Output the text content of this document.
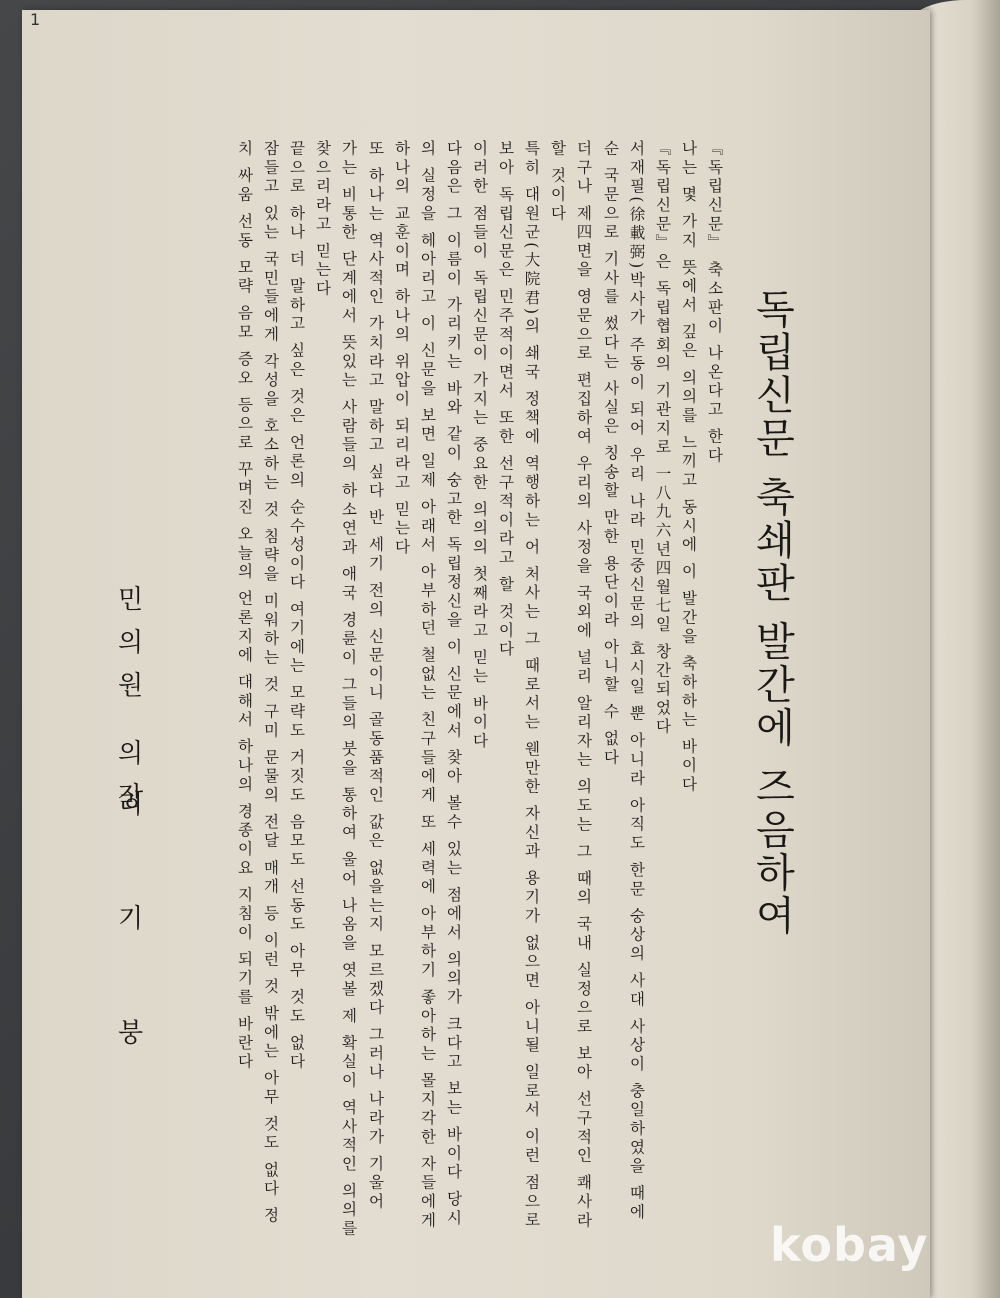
1
독립신문 축쇄판 발간에 즈음하여
『독립신문』 축소판이 나온다고 한다
나는 몇 가지 뜻에서 깊은 의의를 느끼고 동시에 이 발간을 축하하는 바이다
『독립신문』은 독립협회의 기관지로 一八九六년四월七일 창간되었다
서재필(徐載弼)박사가 주동이 되어 우리 나라 민중신문의 효시일 뿐 아니라 아직도 한문 숭상의 사대 사상이 충일하였을 때에
순 국문으로 기사를 썼다는 사실은 칭송할 만한 용단이라 아니할 수 없다
더구나 제四면을 영문으로 편집하여 우리의 사정을 국외에 널리 알리자는 의도는 그 때의 국내 실정으로 보아 선구적인 쾌사라
할 것이다
특히 대원군(大院君)의 쇄국 정책에 역행하는 어 처사는 그 때로서는 웬만한 자신과 용기가 없으면 아니될 일로서 이런 점으로
보아 독립신문은 민주적이면서 또한 선구적이라고 할 것이다
이러한 점들이 독립신문이 가지는 중요한 의의의 첫째라고 믿는 바이다
다음은 그 이름이 가리키는 바와 같이 숭고한 독립정신을 이 신문에서 찾아 볼수 있는 점에서 의의가 크다고 보는 바이다 당시
의 실정을 헤아리고 이 신문을 보면 일제 아래서 아부하던 철없는 친구들에게 또 세력에 아부하기 좋아하는 몰지각한 자들에게
하나의 교훈이며 하나의 위압이 되리라고 믿는다
또 하나는 역사적인 가치라고 말하고 싶다 반 세기 전의 신문이니 골동품적인 값은 없을는지 모르겠다 그러나 나라가 기울어
가는 비통한 단계에서 뜻있는 사람들의 하소연과 애국 경륜이 그들의 붓을 통하여 울어 나옴을 엿볼 제 확실이 역사적인 의의를
찾으리라고 믿는다
끝으로 하나 더 말하고 싶은 것은 언론의 순수성이다 여기에는 모략도 거짓도 음모도 선동도 아무 것도 없다
잠들고 있는 국민들에게 각성을 호소하는 것 침략을 미워하는 것 구미 문물의 전달 매개 등 이런 것 밖에는 아무 것도 없다 정
치 싸움 선동 모략 음모 증오 등으로 꾸며진 오늘의 언론지에 대해서 하나의 경종이요 지침이 되기를 바란다
민의원 의장
리 기 붕
kobay
